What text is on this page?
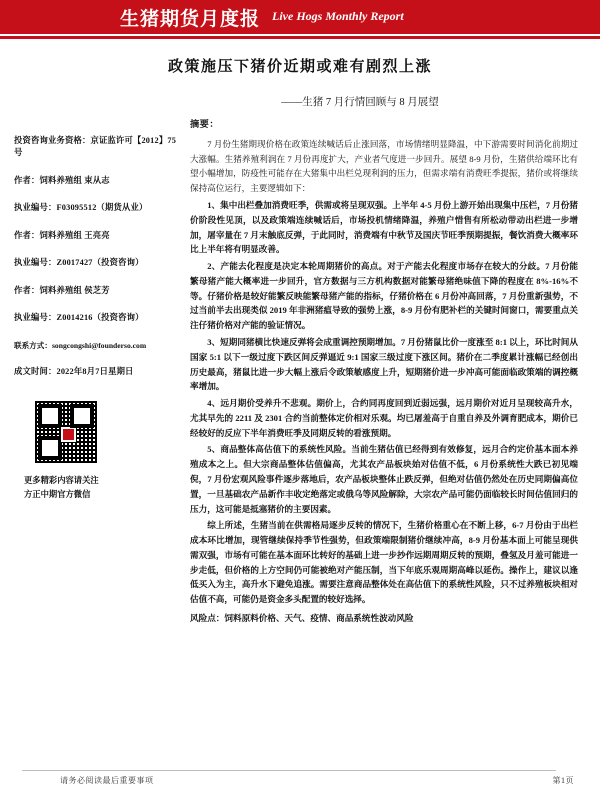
生猪期货月度报 Live Hogs Monthly Report
政策施压下猪价近期或难有剧烈上涨
——生猪 7 月行情回顾与 8 月展望
投资咨询业务资格：京证监许可【2012】75号
作者：饲料养殖组 束从志
执业编号：F03095512（期货从业）
作者：饲料养殖组 王亮亮
执业编号：Z0017427（投资咨询）
作者：饲料养殖组 侯芝芳
执业编号：Z0014216（投资咨询）
联系方式：songcongshi@founderso.com
成文时间：2022年8月7日星期日
更多精彩内容请关注
方正中期官方微信
摘要：

7 月份生猪期现价格在政策连续喊话后止涨回落，市场情绪明显降温，中下游需要时间消化前期过大涨幅。生猪养殖利润在 7 月份再度扩大，产业者气度进一步回升。展望 8-9 月份，生猪供给端环比有望小幅增加，防疫性可能存在大猪集中出栏兑现利润的压力，但需求端有消费旺季提振，猪价或将继续保持高位运行，主要逻辑如下：

1、集中出栏叠加消费旺季，供需或将呈现双强。上半年 4-5 月份上游开始出现集中压栏，7 月份猪价阶段性见顶，以及政策端连续喊话后，市场投机情绪降温，养殖户惜售有所松动带动出栏进一步增加，屠宰量在 7 月末触底反弹，于此同时，消费端有中秋节及国庆节旺季预期提振，餐饮消费大概率环比上半年将有明显改善。

2、产能去化程度是决定本轮周期猪价的高点。对于产能去化程度市场存在较大的分歧。7 月份能繁母猪产能大概率进一步回升，官方数据与三方机构数据对能繁母猪绝味值下降的程度在 8%-16%不等。仔猪价格是较好能繁反映能繁母猪产能的指标，仔猪价格在 6 月份冲高回落，7 月份重新强势，不过当前半去出现类似 2019 年非洲猪瘟导致的强势上涨，8-9 月份有肥补栏的关键时间窗口，需要重点关注仔猪价格对产能的验证情况。

3、短期同猪横比快速反弹将会成重调控预期增加。7 月份猪鼠比价一度涨至 8:1 以上，环比时间从国家 5:1 以下一级过度下跌区间反弹逼近 9:1 国家三级过度下涨区间。猪价在二季度累计涨幅已经创出历史最高，猪鼠比进一步大幅上涨后令政策敏感度上升，短期猪价进一步冲高可能面临政策端的调控概率增加。

4、远月期价受养升不悲观。期价上，合约同再度回到近弱远强，远月期价对近月呈现较高升水，尤其早先的 2211 及 2301 合约当前整体定价相对乐观。均已屠羞高于自重自养及外调育肥成本，期价已经较好的反应下半年消费旺季及同期反转的看涨预期。

5、商品整体高估值下的系统性风险。当前生猪估值已经得到有效修复，远月合约定价基本面本养殖成本之上。但大宗商品整体估值偏高，尤其农产品板块始对估值不低，6 月份系统性大跌已初见端倪，7 月份宏观风险事件逐步落地后，农产品板块整体止跌反弹，但绝对估值仍然处在历史同期偏高位置，一旦基础农产品新作丰收定绝落定或俄乌等风险解除，大宗农产品可能仍面临较长时间估值回归的压力，这可能是抵塞猪价的主要因素。

综上所述，生猪当前在供需格局逐步反转的情况下，生猪价格重心在不断上移，6-7 月份由于出栏成本环比增加，现管继续保持季节性强势，但政策端限制猪价继续冲高，8-9 月份基本面上可能呈现供需双强，市场有可能在基本面环比转好的基础上进一步抄作远期周期反转的预期，叠氢及月羞可能进一步走低，但价格的上方空间仍可能被绝对产能压制，当下年底乐观周期高峰以延伤。操作上，建议以逢低买入为主，高升水下避免追涨。需要注意商品整体处在高估值下的系统性风险，只不过养殖板块相对估值不高，可能仍是资金多头配置的较好选择。

风险点：饲料原料价格、天气、疫情、商品系统性波动风险

请务必阅读最后重要事项	第1页
